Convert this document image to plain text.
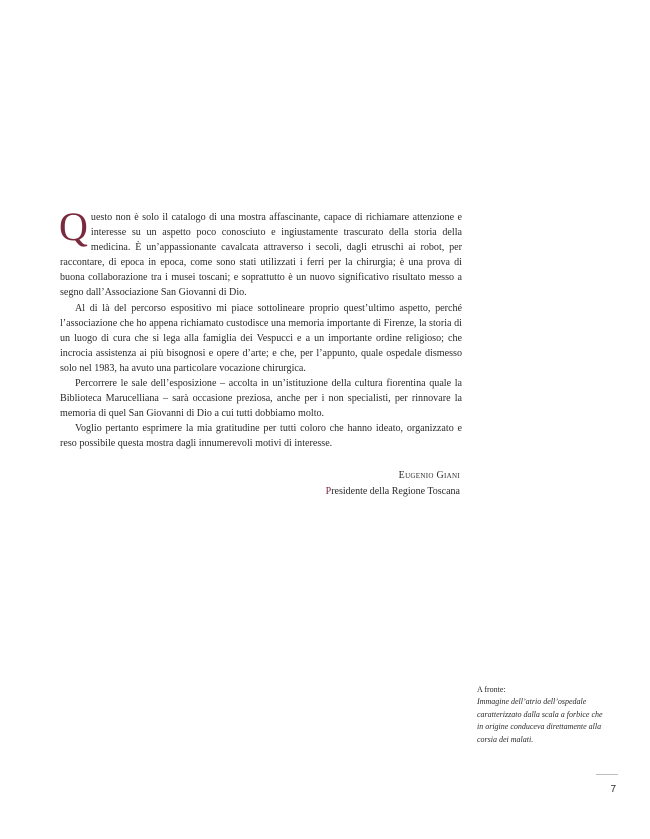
Questo non è solo il catalogo di una mostra affascinante, capace di richiamare attenzione e interesse su un aspetto poco conosciuto e ingiustamente trascurato della storia della medicina. È un’appassionante cavalcata attraverso i secoli, dagli etruschi ai robot, per raccontare, di epoca in epoca, come sono stati utilizzati i ferri per la chirurgia; è una prova di buona collaborazione tra i musei toscani; e soprattutto è un nuovo significativo risultato messo a segno dall’Associazione San Giovanni di Dio.

Al di là del percorso espositivo mi piace sottolineare proprio quest’ultimo aspetto, perché l’associazione che ho appena richiamato custodisce una memoria importante di Firenze, la storia di un luogo di cura che si lega alla famiglia dei Vespucci e a un importante ordine religioso; che incrocia assistenza ai più bisognosi e opere d’arte; e che, per l’appunto, quale ospedale dismesso solo nel 1983, ha avuto una particolare vocazione chirurgica.

Percorrere le sale dell’esposizione – accolta in un’istituzione della cultura fiorentina quale la Biblioteca Marucelliana – sarà occasione preziosa, anche per i non specialisti, per rinnovare la memoria di quel San Giovanni di Dio a cui tutti dobbiamo molto.

Voglio pertanto esprimere la mia gratitudine per tutti coloro che hanno ideato, organizzato e reso possibile questa mostra dagli innumerevoli motivi di interesse.

Eugenio Giani
Presidente della Regione Toscana
A fronte:
Immagine dell’atrio dell’ospedale caratterizzato dalla scala a forbice che in origine conduceva direttamente alla corsia dei malati.
7
